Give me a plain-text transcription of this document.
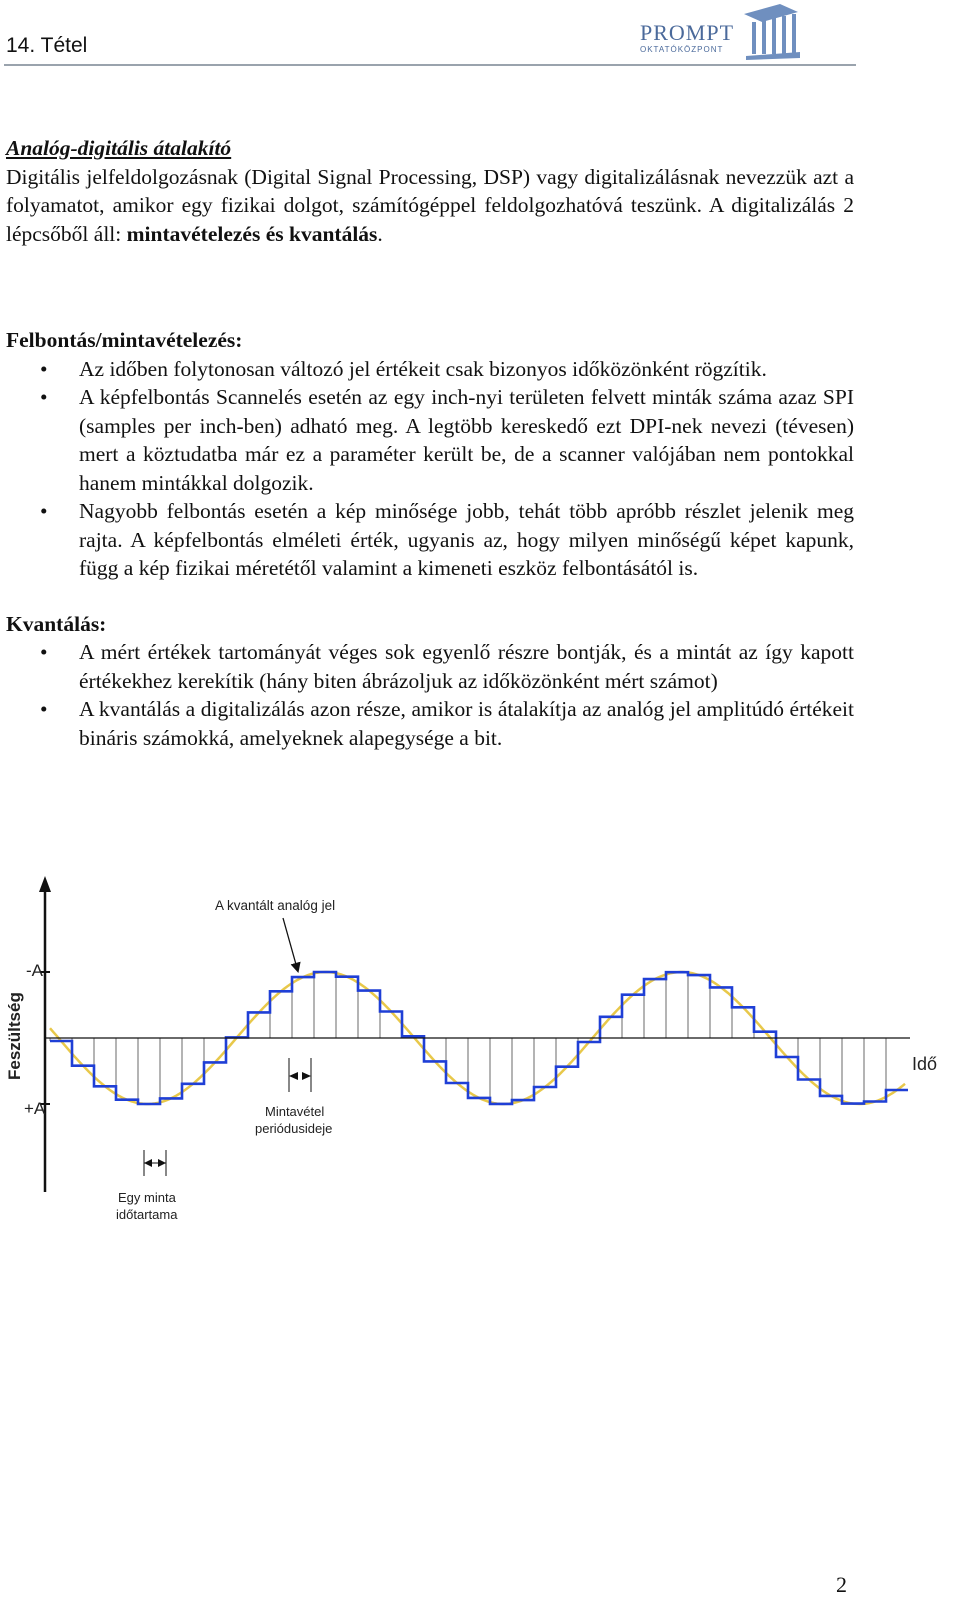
14. Tétel
PROMPT
OKTATÓKÖZPONT

Analóg-digitális átalakító

Digitális jelfeldolgozásnak (Digital Signal Processing, DSP) vagy digitalizálásnak nevezzük azt a folyamatot, amikor egy fizikai dolgot, számítógéppel feldolgozhatóvá teszünk. A digitalizálás 2 lépcsőből áll: mintavételezés és kvantálás.

Felbontás/mintavételezés:

• Az időben folytonosan változó jel értékeit csak bizonyos időközönként rögzítik.
• A képfelbontás Scannelés esetén az egy inch-nyi területen felvett minták száma azaz SPI (samples per inch-ben) adható meg. A legtöbb kereskedő ezt DPI-nek nevezi (tévesen) mert a köztudatba már ez a paraméter került be, de a scanner valójában nem pontokkal hanem mintákkal dolgozik.
• Nagyobb felbontás esetén a kép minősége jobb, tehát több apróbb részlet jelenik meg rajta. A képfelbontás elméleti érték, ugyanis az, hogy milyen minőségű képet kapunk, függ a kép fizikai méretétől valamint a kimeneti eszköz felbontásától is.

Kvantálás:

• A mért értékek tartományát véges sok egyenlő részre bontják, és a mintát az így kapott értékekhez kerekítik (hány biten ábrázoljuk az időközönként mért számot)
• A kvantálás a digitalizálás azon része, amikor is átalakítja az analóg jel amplitúdó értékeit bináris számokká, amelyeknek alapegysége a bit.
-A
+A
Feszültség	Idő
A kvantált analóg jel
Mintavétel
periódusideje
Egy minta
időtartama
2
